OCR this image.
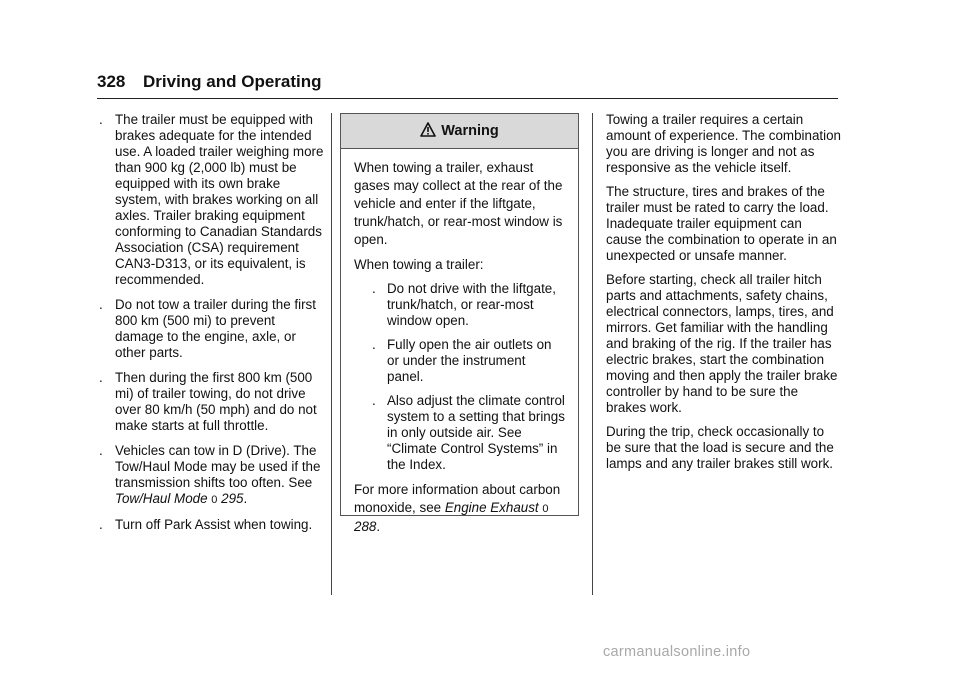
328 Driving and Operating
. The trailer must be equipped with brakes adequate for the intended use. A loaded trailer weighing more than 900 kg (2,000 lb) must be equipped with its own brake system, with brakes working on all axles. Trailer braking equipment conforming to Canadian Standards Association (CSA) requirement CAN3-D313, or its equivalent, is recommended.
. Do not tow a trailer during the first 800 km (500 mi) to prevent damage to the engine, axle, or other parts.
. Then during the first 800 km (500 mi) of trailer towing, do not drive over 80 km/h (50 mph) and do not make starts at full throttle.
. Vehicles can tow in D (Drive). The Tow/Haul Mode may be used if the transmission shifts too often. See Tow/Haul Mode 0 295.
. Turn off Park Assist when towing.
Warning
When towing a trailer, exhaust gases may collect at the rear of the vehicle and enter if the liftgate, trunk/hatch, or rear-most window is open.
When towing a trailer:
. Do not drive with the liftgate, trunk/hatch, or rear-most window open.
. Fully open the air outlets on or under the instrument panel.
. Also adjust the climate control system to a setting that brings in only outside air. See “Climate Control Systems” in the Index.
For more information about carbon monoxide, see Engine Exhaust 0 288.
Towing a trailer requires a certain amount of experience. The combination you are driving is longer and not as responsive as the vehicle itself.
The structure, tires and brakes of the trailer must be rated to carry the load. Inadequate trailer equipment can cause the combination to operate in an unexpected or unsafe manner.
Before starting, check all trailer hitch parts and attachments, safety chains, electrical connectors, lamps, tires, and mirrors. Get familiar with the handling and braking of the rig. If the trailer has electric brakes, start the combination moving and then apply the trailer brake controller by hand to be sure the brakes work.
During the trip, check occasionally to be sure that the load is secure and the lamps and any trailer brakes still work.
carmanualsonline.info
